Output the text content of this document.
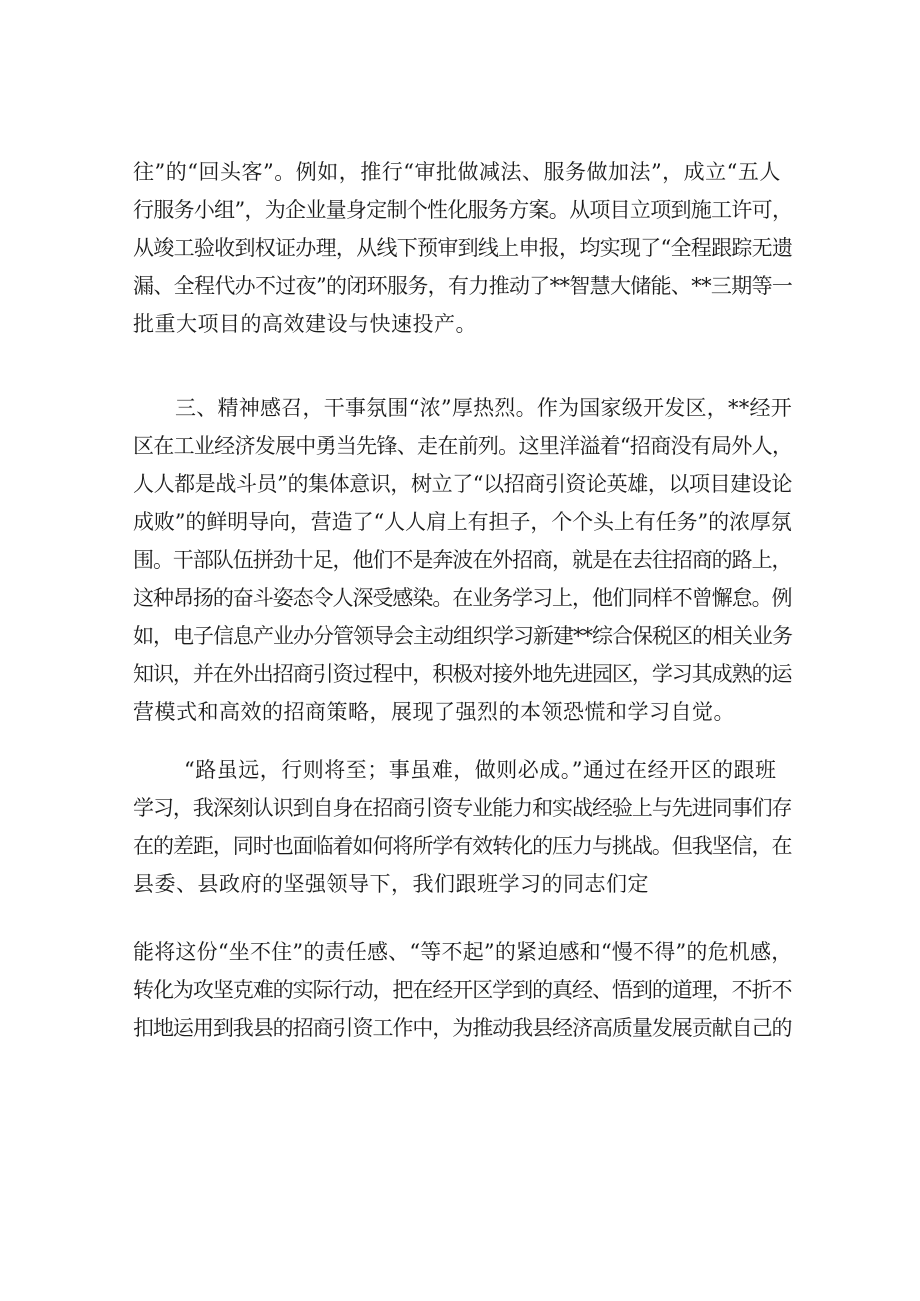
往”的“回头客”。例如，推行“审批做减法、服务做加法”，成立“五人
行服务小组”，为企业量身定制个性化服务方案。从项目立项到施工许可，
从竣工验收到权证办理，从线下预审到线上申报，均实现了“全程跟踪无遗
漏、全程代办不过夜”的闭环服务，有力推动了**智慧大储能、**三期等一
批重大项目的高效建设与快速投产。
三、精神感召，干事氛围“浓”厚热烈。作为国家级开发区，**经开
区在工业经济发展中勇当先锋、走在前列。这里洋溢着“招商没有局外人，
人人都是战斗员”的集体意识，树立了“以招商引资论英雄，以项目建设论
成败”的鲜明导向，营造了“人人肩上有担子，个个头上有任务”的浓厚氛
围。干部队伍拼劲十足，他们不是奔波在外招商，就是在去往招商的路上，
这种昂扬的奋斗姿态令人深受感染。在业务学习上，他们同样不曾懈怠。例
如，电子信息产业办分管领导会主动组织学习新建**综合保税区的相关业务
知识，并在外出招商引资过程中，积极对接外地先进园区，学习其成熟的运
营模式和高效的招商策略，展现了强烈的本领恐慌和学习自觉。
“路虽远，行则将至；事虽难，做则必成。”通过在经开区的跟班
学习，我深刻认识到自身在招商引资专业能力和实战经验上与先进同事们存
在的差距，同时也面临着如何将所学有效转化的压力与挑战。但我坚信，在
县委、县政府的坚强领导下，我们跟班学习的同志们定
能将这份“坐不住”的责任感、“等不起”的紧迫感和“慢不得”的危机感，
转化为攻坚克难的实际行动，把在经开区学到的真经、悟到的道理，不折不
扣地运用到我县的招商引资工作中，为推动我县经济高质量发展贡献自己的
